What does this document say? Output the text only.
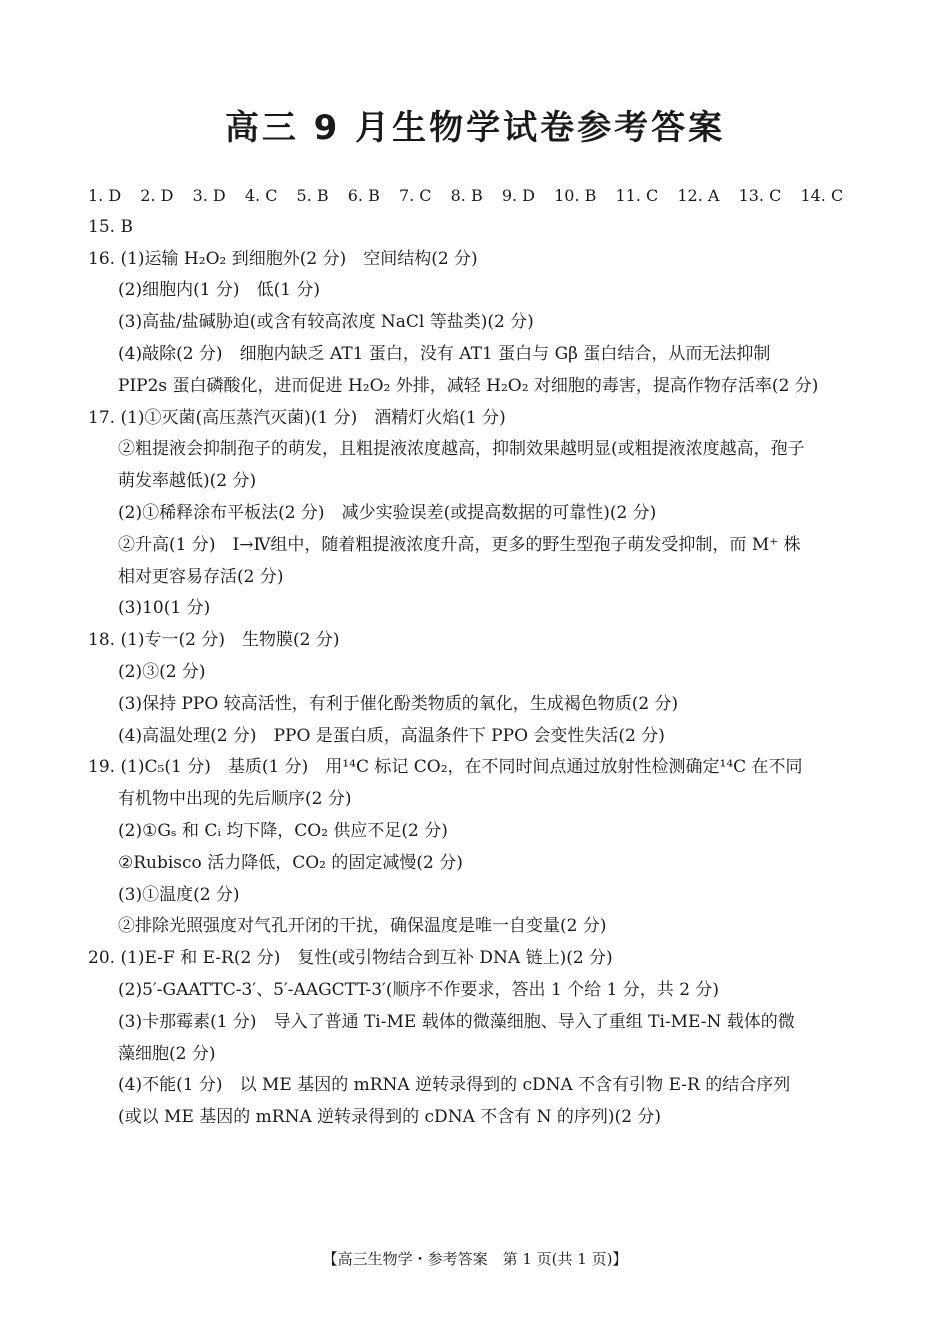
高三 9 月生物学试卷参考答案
1. D 2. D 3. D 4. C 5. B 6. B 7. C 8. B 9. D 10. B 11. C 12. A 13. C 14. C
15. B
16. (1)运输 H₂O₂ 到细胞外(2 分)　空间结构(2 分)
(2)细胞内(1 分)　低(1 分)
(3)高盐/盐碱胁迫(或含有较高浓度 NaCl 等盐类)(2 分)
(4)敲除(2 分)　细胞内缺乏 AT1 蛋白，没有 AT1 蛋白与 Gβ 蛋白结合，从而无法抑制
PIP2s 蛋白磷酸化，进而促进 H₂O₂ 外排，减轻 H₂O₂ 对细胞的毒害，提高作物存活率(2 分)
17. (1)①灭菌(高压蒸汽灭菌)(1 分)　酒精灯火焰(1 分)
②粗提液会抑制孢子的萌发，且粗提液浓度越高，抑制效果越明显(或粗提液浓度越高，孢子
萌发率越低)(2 分)
(2)①稀释涂布平板法(2 分)　减少实验误差(或提高数据的可靠性)(2 分)
②升高(1 分)　Ⅰ→Ⅳ组中，随着粗提液浓度升高，更多的野生型孢子萌发受抑制，而 M⁺ 株
相对更容易存活(2 分)
(3)10(1 分)
18. (1)专一(2 分)　生物膜(2 分)
(2)③(2 分)
(3)保持 PPO 较高活性，有利于催化酚类物质的氧化，生成褐色物质(2 分)
(4)高温处理(2 分)　PPO 是蛋白质，高温条件下 PPO 会变性失活(2 分)
19. (1)C₅(1 分)　基质(1 分)　用¹⁴C 标记 CO₂，在不同时间点通过放射性检测确定¹⁴C 在不同
有机物中出现的先后顺序(2 分)
(2)①Gₛ 和 Cᵢ 均下降，CO₂ 供应不足(2 分)
②Rubisco 活力降低，CO₂ 的固定减慢(2 分)
(3)①温度(2 分)
②排除光照强度对气孔开闭的干扰，确保温度是唯一自变量(2 分)
20. (1)E-F 和 E-R(2 分)　复性(或引物结合到互补 DNA 链上)(2 分)
(2)5′-GAATTC-3′、5′-AAGCTT-3′(顺序不作要求，答出 1 个给 1 分，共 2 分)
(3)卡那霉素(1 分)　导入了普通 Ti-ME 载体的微藻细胞、导入了重组 Ti-ME-N 载体的微
藻细胞(2 分)
(4)不能(1 分)　以 ME 基因的 mRNA 逆转录得到的 cDNA 不含有引物 E-R 的结合序列
(或以 ME 基因的 mRNA 逆转录得到的 cDNA 不含有 N 的序列)(2 分)
【高三生物学・参考答案　第 1 页(共 1 页)】
